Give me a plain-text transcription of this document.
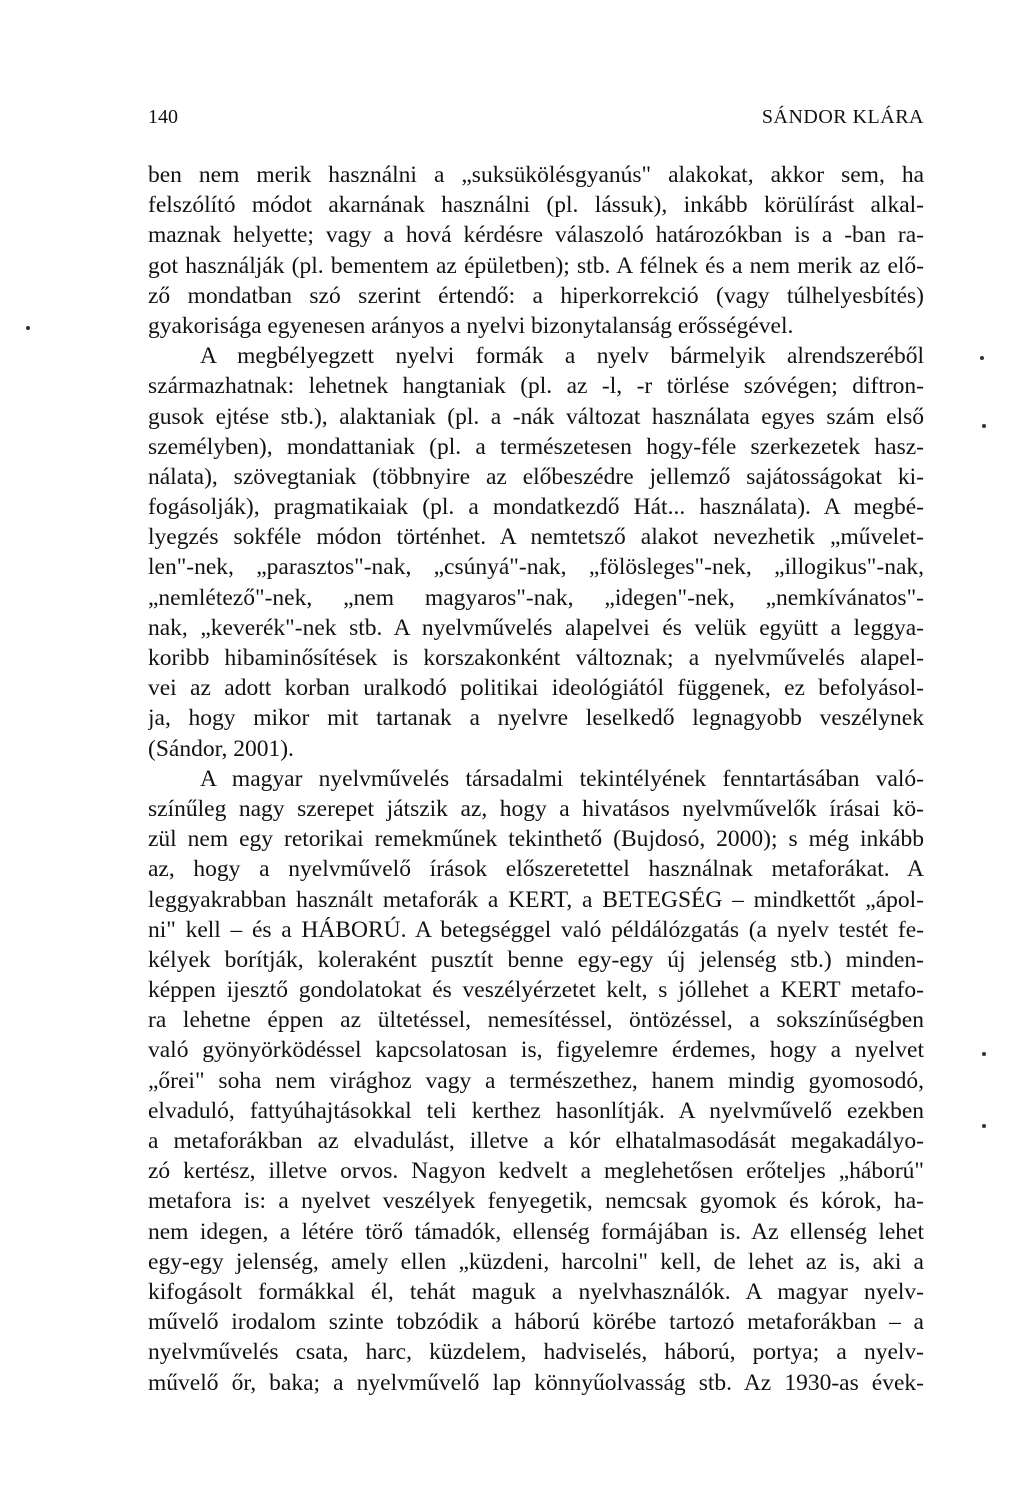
140	SÁNDOR KLÁRA
ben nem merik használni a „suksükölésgyanús" alakokat, akkor sem, ha
felszólító módot akarnának használni (pl. lássuk), inkább körülírást alkal-
maznak helyette; vagy a hová kérdésre válaszoló határozókban is a -ban ra-
got használják (pl. bementem az épületben); stb. A félnek és a nem merik az elő-
ző mondatban szó szerint értendő: a hiperkorrekció (vagy túlhelyesbítés)
gyakorisága egyenesen arányos a nyelvi bizonytalanság erősségével.
A megbélyegzett nyelvi formák a nyelv bármelyik alrendszeréből
származhatnak: lehetnek hangtaniak (pl. az -l, -r törlése szóvégen; diftron-
gusok ejtése stb.), alaktaniak (pl. a -nák változat használata egyes szám első
személyben), mondattaniak (pl. a természetesen hogy-féle szerkezetek hasz-
nálata), szövegtaniak (többnyire az előbeszédre jellemző sajátosságokat ki-
fogásolják), pragmatikaiak (pl. a mondatkezdő Hát... használata). A megbé-
lyegzés sokféle módon történhet. A nemtetsző alakot nevezhetik „művelet-
len"-nek, „parasztos"-nak, „csúnyá"-nak, „fölösleges"-nek, „illogikus"-nak,
„nemlétező"-nek, „nem magyaros"-nak, „idegen"-nek, „nemkívánatos"-
nak, „keverék"-nek stb. A nyelvművelés alapelvei és velük együtt a leggya-
koribb hibaminősítések is korszakonként változnak; a nyelvművelés alapel-
vei az adott korban uralkodó politikai ideológiától függenek, ez befolyásol-
ja, hogy mikor mit tartanak a nyelvre leselkedő legnagyobb veszélynek
(Sándor, 2001).
A magyar nyelvművelés társadalmi tekintélyének fenntartásában való-
színűleg nagy szerepet játszik az, hogy a hivatásos nyelvművelők írásai kö-
zül nem egy retorikai remekműnek tekinthető (Bujdosó, 2000); s még inkább
az, hogy a nyelvművelő írások előszeretettel használnak metaforákat. A
leggyakrabban használt metaforák a KERT, a BETEGSÉG – mindkettőt „ápol-
ni" kell – és a HÁBORÚ. A betegséggel való példálózgatás (a nyelv testét fe-
kélyek borítják, koleraként pusztít benne egy-egy új jelenség stb.) minden-
képpen ijesztő gondolatokat és veszélyérzetet kelt, s jóllehet a KERT metafo-
ra lehetne éppen az ültetéssel, nemesítéssel, öntözéssel, a sokszínűségben
való gyönyörködéssel kapcsolatosan is, figyelemre érdemes, hogy a nyelvet
„őrei" soha nem virághoz vagy a természethez, hanem mindig gyomosodó,
elvaduló, fattyúhajtásokkal teli kerthez hasonlítják. A nyelvművelő ezekben
a metaforákban az elvadulást, illetve a kór elhatalmasodását megakadályo-
zó kertész, illetve orvos. Nagyon kedvelt a meglehetősen erőteljes „háború"
metafora is: a nyelvet veszélyek fenyegetik, nemcsak gyomok és kórok, ha-
nem idegen, a létére törő támadók, ellenség formájában is. Az ellenség lehet
egy-egy jelenség, amely ellen „küzdeni, harcolni" kell, de lehet az is, aki a
kifogásolt formákkal él, tehát maguk a nyelvhasználók. A magyar nyelv-
művelő irodalom szinte tobzódik a háború körébe tartozó metaforákban – a
nyelvművelés csata, harc, küzdelem, hadviselés, háború, portya; a nyelv-
művelő őr, baka; a nyelvművelő lap könnyűolvasság stb. Az 1930-as évek-
